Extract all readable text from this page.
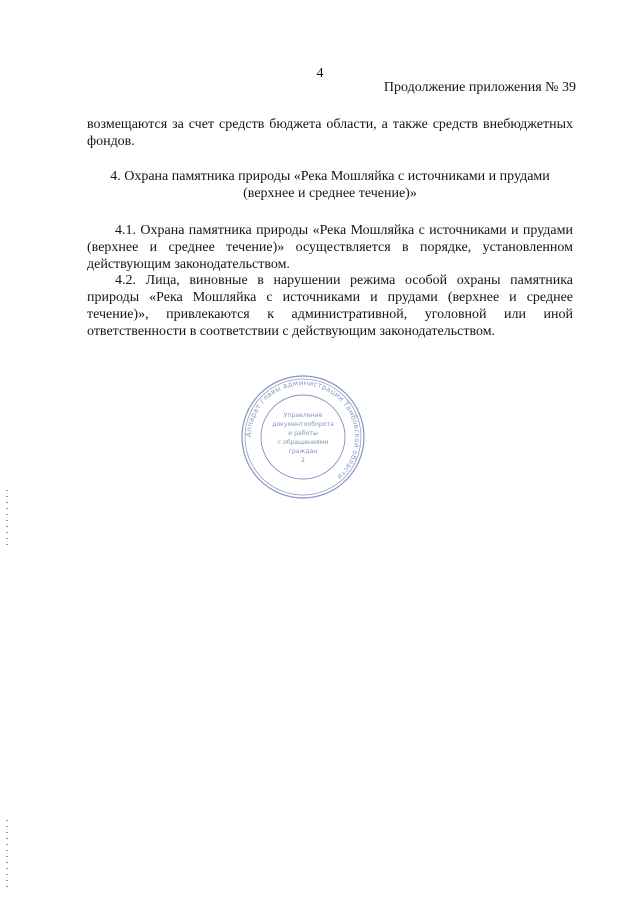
4
Продолжение приложения № 39

возмещаются за счет средств бюджета области, а также средств внебюджетных фондов.

4. Охрана памятника природы «Река Мошляйка с источниками и прудами
(верхнее и среднее течение)»

4.1. Охрана памятника природы «Река Мошляйка с источниками и прудами (верхнее и среднее течение)» осуществляется в порядке, установленном действующим законодательством.

4.2. Лица, виновные в нарушении режима особой охраны памятника природы «Река Мошляйка с источниками и прудами (верхнее и среднее течение)», привлекаются к административной, уголовной или иной ответственности в соответствии с действующим законодательством.

Аппарат главы администрации Тамбовской области
Управление
документооборота
и работы
с обращениями
граждан
2
